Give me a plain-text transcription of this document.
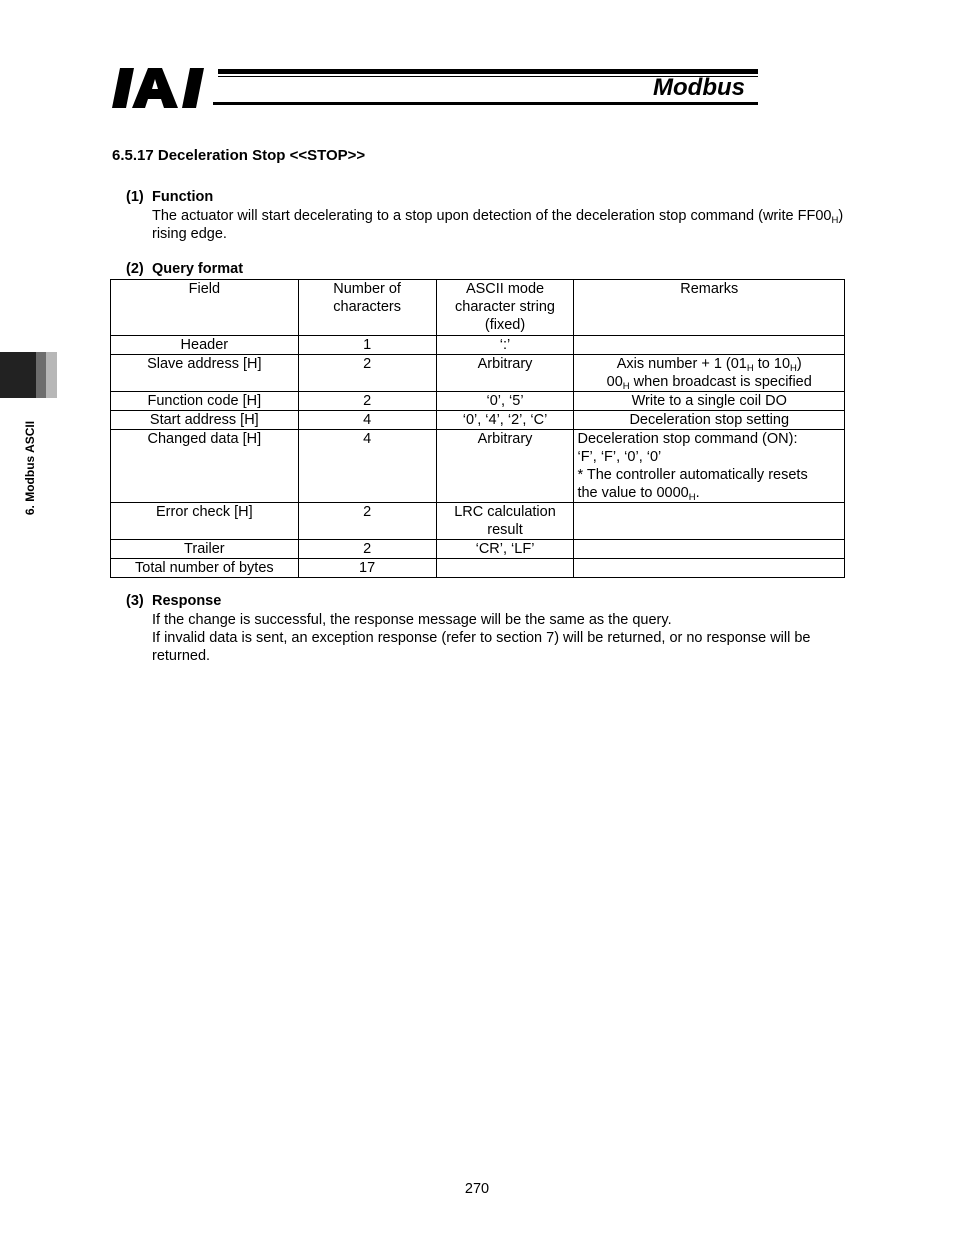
Modbus
6. Modbus ASCII
6.5.17 Deceleration Stop <<STOP>>
(1) Function
The actuator will start decelerating to a stop upon detection of the deceleration stop command (write $FF00_H$) rising edge.
(2) Query format
Field	Number of characters	ASCII mode character string (fixed)	Remarks
Header	1	‘:’	
Slave address [H]	2	Arbitrary	Axis number + 1 ($01_H$ to $10_H$)
$00_H$ when broadcast is specified
Function code [H]	2	‘0’, ‘5’	Write to a single coil DO
Start address [H]	4	‘0’, ‘4’, ‘2’, ‘C’	Deceleration stop setting
Changed data [H]	4	Arbitrary	Deceleration stop command (ON):
‘F’, ‘F’, ‘0’, ‘0’
* The controller automatically resets
the value to $0000_H$.
Error check [H]	2	LRC calculation result	
Trailer	2	‘CR’, ‘LF’	
Total number of bytes	17		
(3) Response
If the change is successful, the response message will be the same as the query.
If invalid data is sent, an exception response (refer to section 7) will be returned, or no response will be returned.
270
